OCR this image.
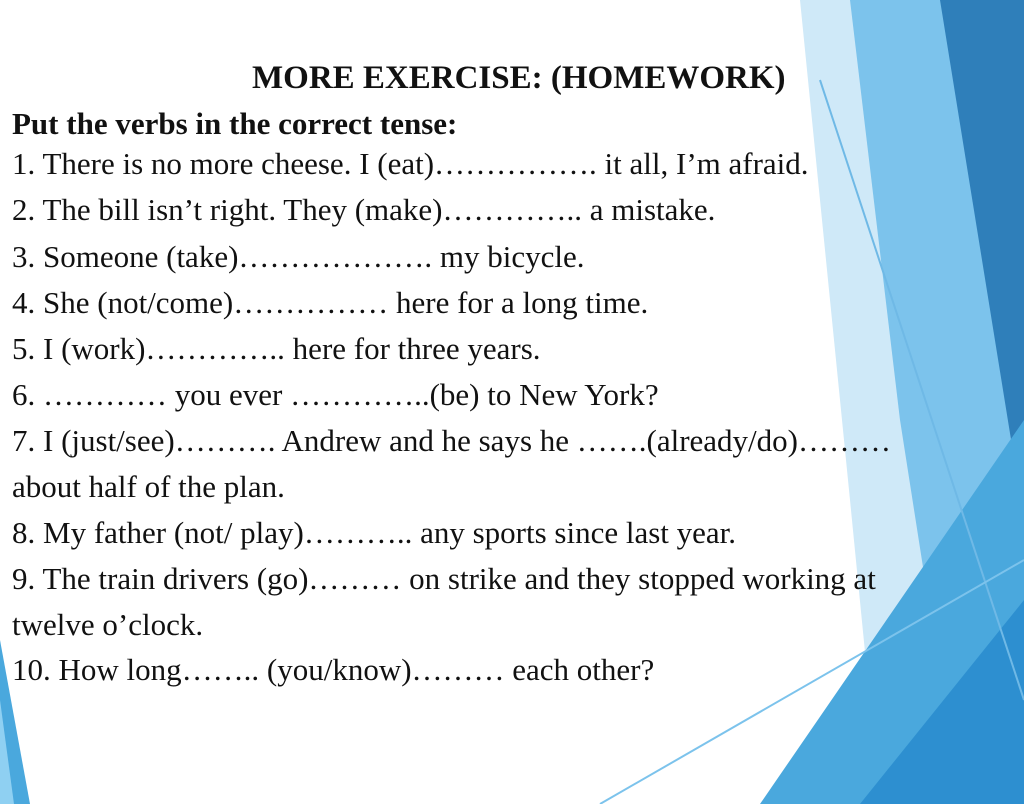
MORE EXERCISE: (HOMEWORK)
Put the verbs in the correct tense:
1. There is no more cheese. I (eat)……………. it all, I’m afraid.
2. The bill isn’t right. They (make)………….. a mistake.
3. Someone (take)………………. my bicycle.
4. She (not/come)…………… here for a long time.
5. I (work)………….. here for three years.
6. ………… you ever …………..(be) to New York?
7. I (just/see)………. Andrew and he says he …….(already/do)………
about half of the plan.
8. My father (not/ play)……….. any sports since last year.
9. The train drivers (go)……… on strike and they stopped working at
twelve o’clock.
10. How long…….. (you/know)……… each other?
